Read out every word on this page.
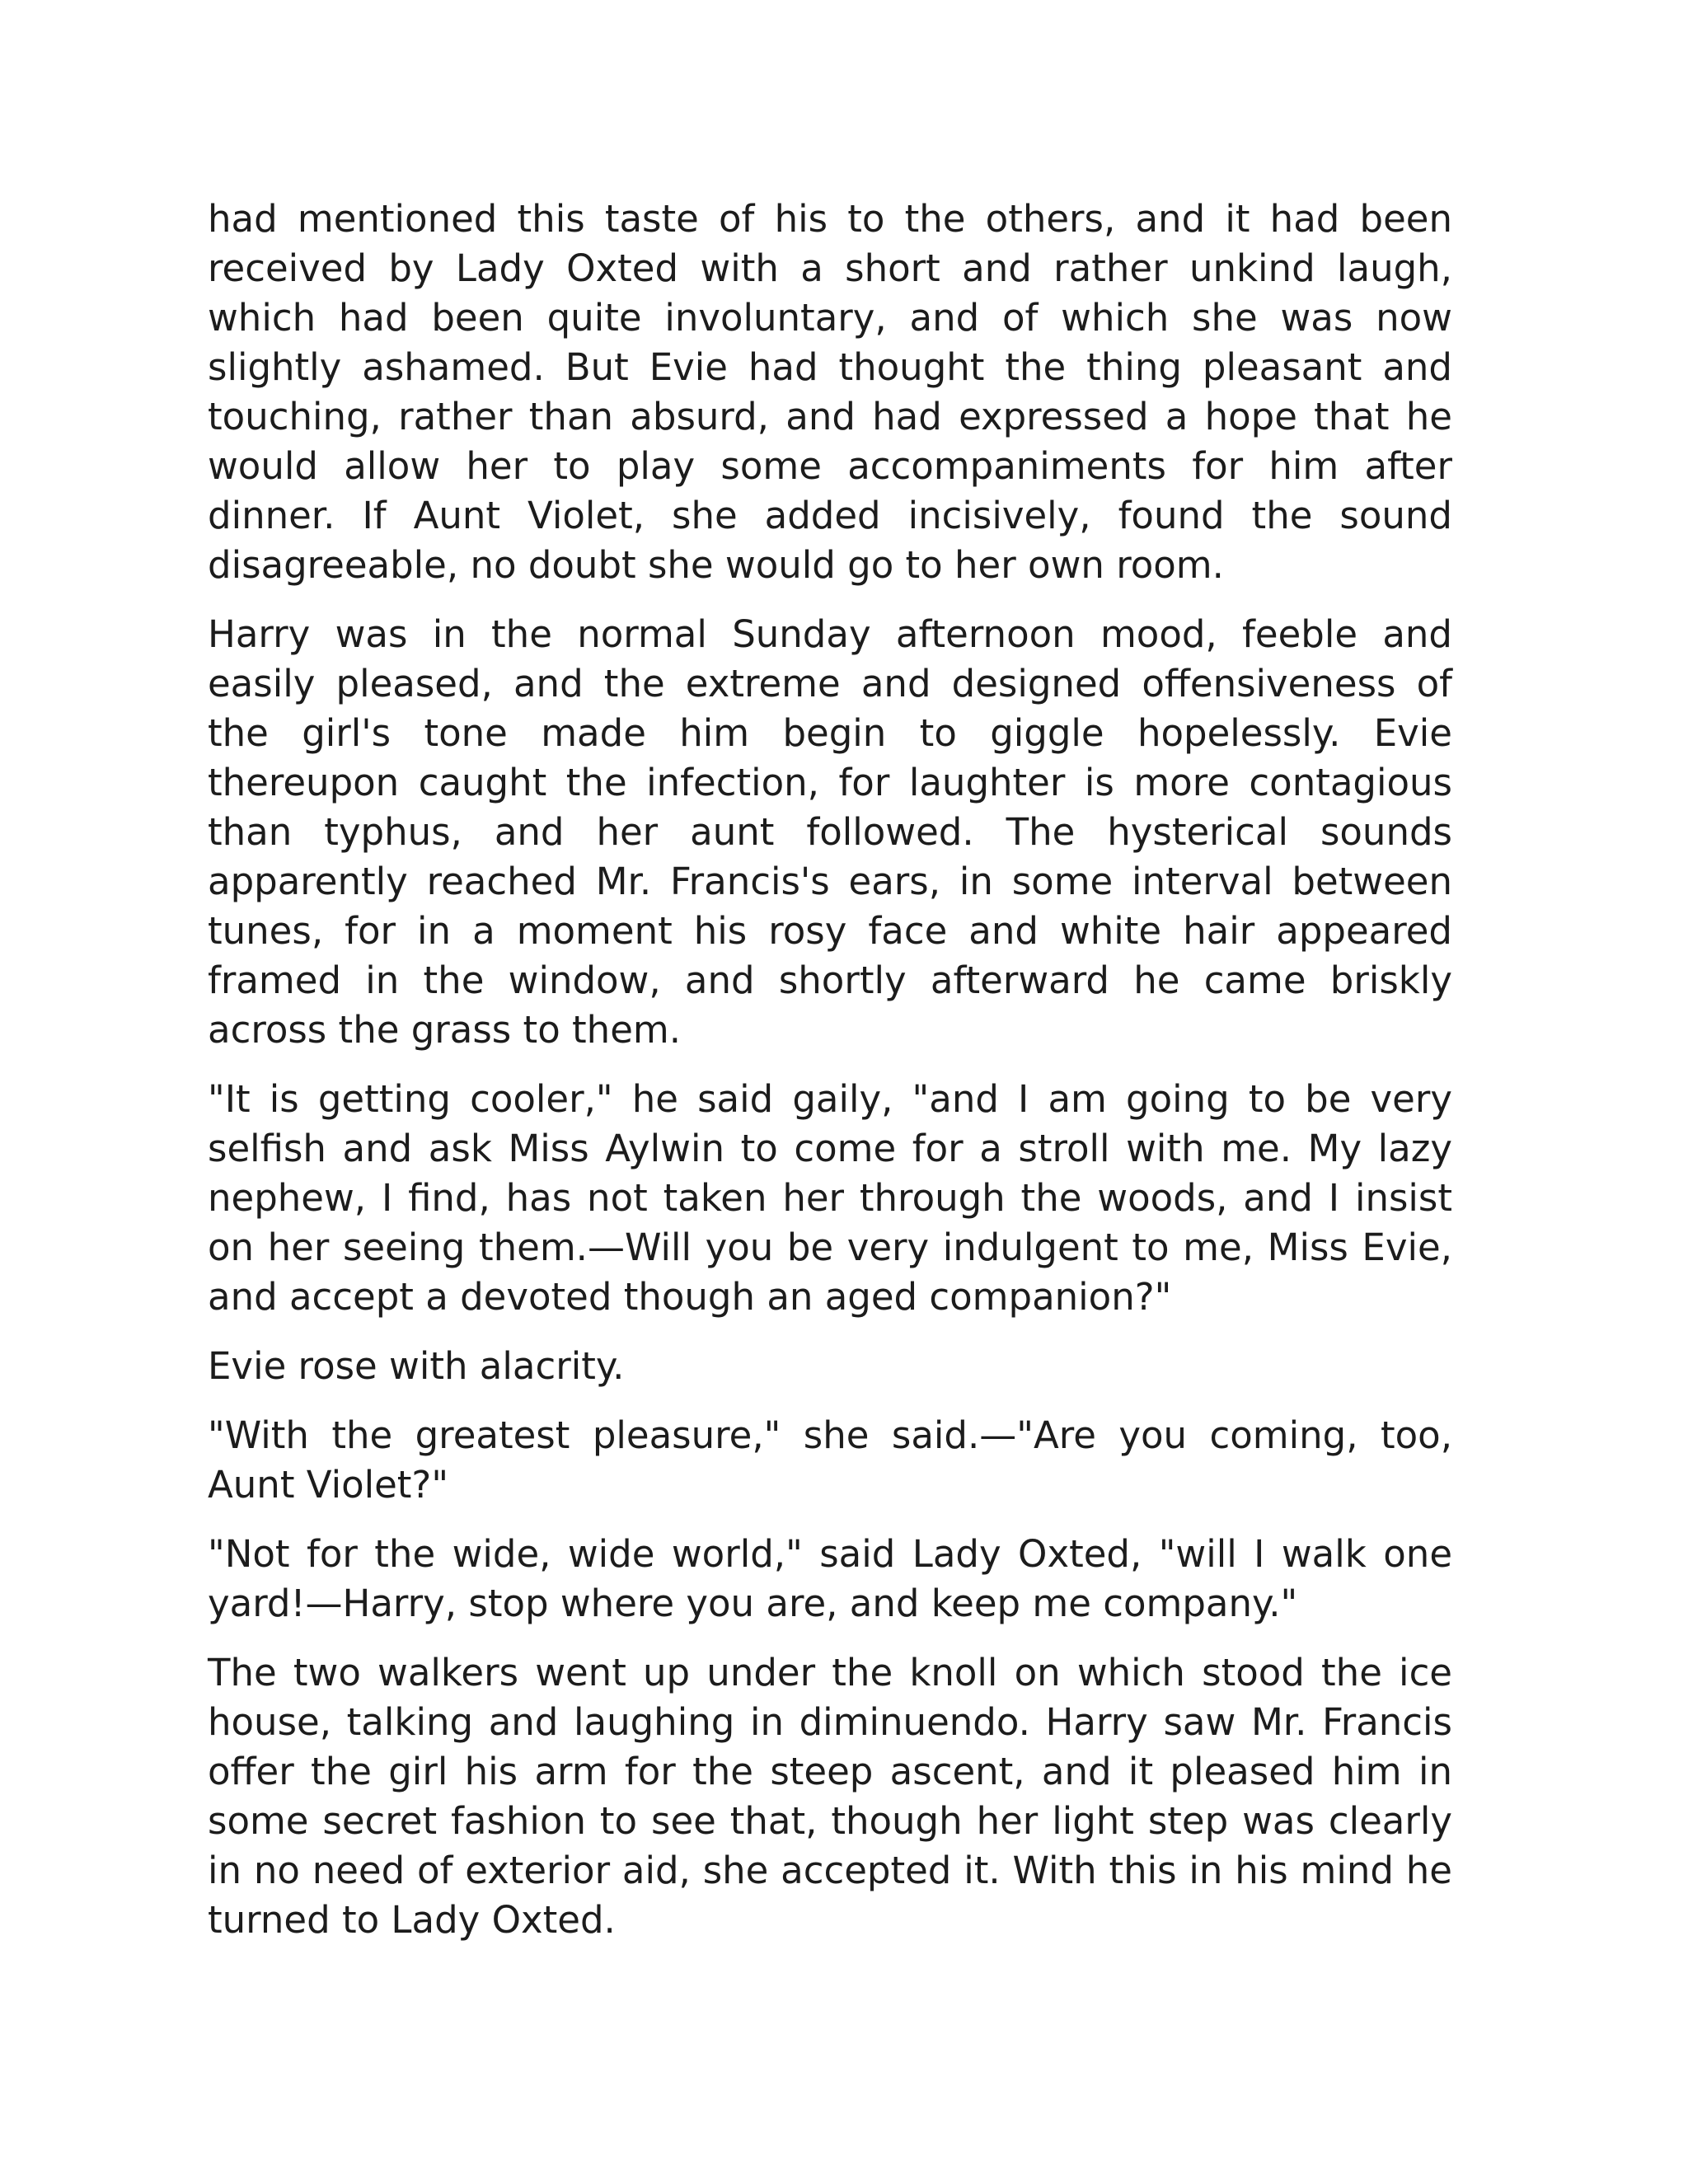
had mentioned this taste of his to the others, and it had been received by Lady Oxted with a short and rather unkind laugh, which had been quite involuntary, and of which she was now slightly ashamed. But Evie had thought the thing pleasant and touching, rather than absurd, and had expressed a hope that he would allow her to play some accompaniments for him after dinner. If Aunt Violet, she added incisively, found the sound disagreeable, no doubt she would go to her own room.

Harry was in the normal Sunday afternoon mood, feeble and easily pleased, and the extreme and designed offensiveness of the girl's tone made him begin to giggle hopelessly. Evie thereupon caught the infection, for laughter is more contagious than typhus, and her aunt followed. The hysterical sounds apparently reached Mr. Francis's ears, in some interval between tunes, for in a moment his rosy face and white hair appeared framed in the window, and shortly afterward he came briskly across the grass to them.

"It is getting cooler," he said gaily, "and I am going to be very selfish and ask Miss Aylwin to come for a stroll with me. My lazy nephew, I find, has not taken her through the woods, and I insist on her seeing them.—Will you be very indulgent to me, Miss Evie, and accept a devoted though an aged companion?"

Evie rose with alacrity.

"With the greatest pleasure," she said.—"Are you coming, too, Aunt Violet?"

"Not for the wide, wide world," said Lady Oxted, "will I walk one yard!—Harry, stop where you are, and keep me company."

The two walkers went up under the knoll on which stood the ice house, talking and laughing in diminuendo. Harry saw Mr. Francis offer the girl his arm for the steep ascent, and it pleased him in some secret fashion to see that, though her light step was clearly in no need of exterior aid, she accepted it. With this in his mind he turned to Lady Oxted.
